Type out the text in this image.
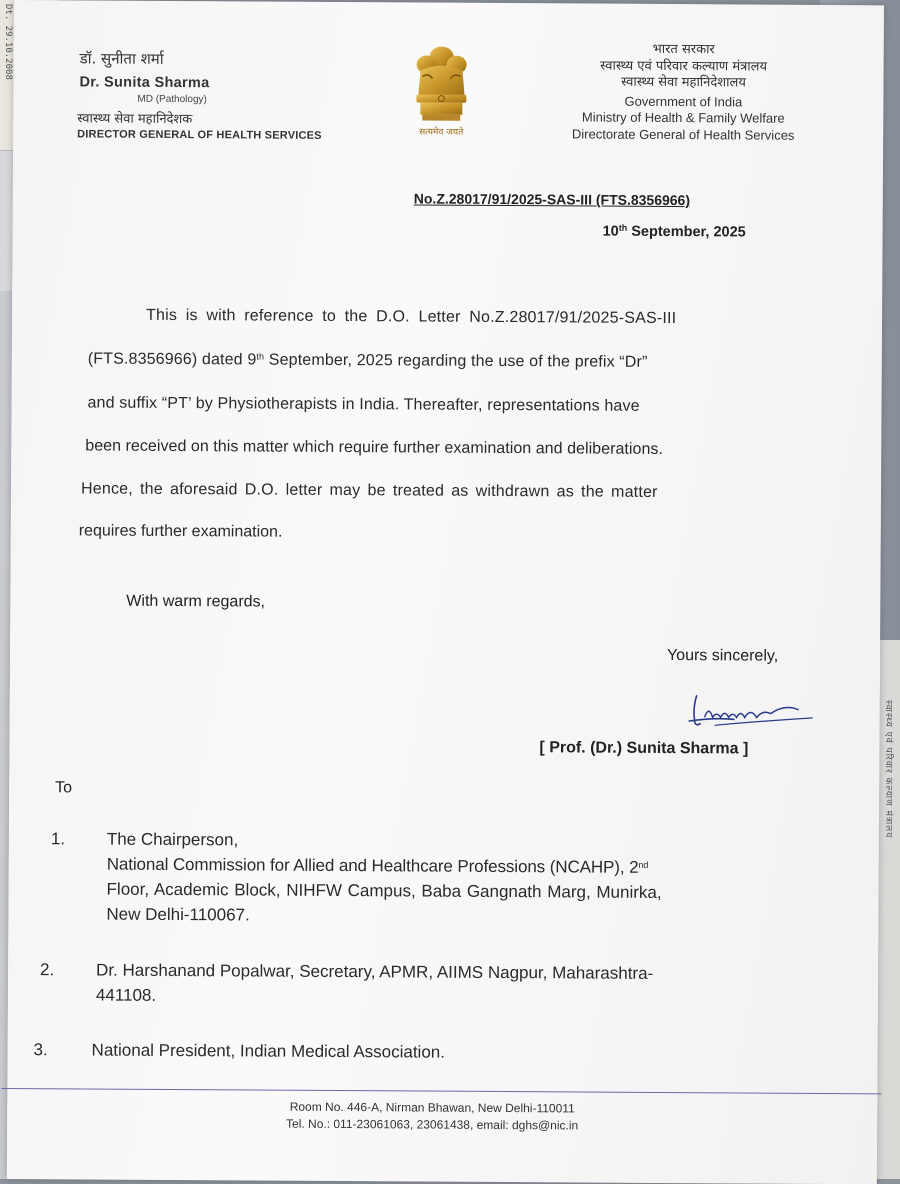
Dt. 29.10.2008
स्वास्थ्य एवं परिवार कल्याण मंत्रालय
डॉ. सुनीता शर्मा
Dr. Sunita Sharma
MD (Pathology)
स्वास्थ्य सेवा महानिदेशक
DIRECTOR GENERAL OF HEALTH SERVICES	सत्यमेव जयते
भारत सरकार
स्वास्थ्य एवं परिवार कल्याण मंत्रालय
स्वास्थ्य सेवा महानिदेशालय
Government of India
Ministry of Health & Family Welfare
Directorate General of Health Services
No.Z.28017/91/2025-SAS-III (FTS.8356966)
10th September, 2025
This is with reference to the D.O. Letter No.Z.28017/91/2025-SAS-III
(FTS.8356966) dated 9th September, 2025 regarding the use of the prefix “Dr”
and suffix “PT’ by Physiotherapists in India. Thereafter, representations have
been received on this matter which require further examination and deliberations.
Hence, the aforesaid D.O. letter may be treated as withdrawn as the matter
requires further examination.
With warm regards,
Yours sincerely,
[ Prof. (Dr.) Sunita Sharma ]
To
1. The Chairperson,
National Commission for Allied and Healthcare Professions (NCAHP), 2nd
Floor, Academic Block, NIHFW Campus, Baba Gangnath Marg, Munirka,
New Delhi-110067.
2. Dr. Harshanand Popalwar, Secretary, APMR, AIIMS Nagpur, Maharashtra-
441108.
3.	National President, Indian Medical Association.
Room No. 446-A, Nirman Bhawan, New Delhi-110011
Tel. No.: 011-23061063, 23061438, email: dghs@nic.in
